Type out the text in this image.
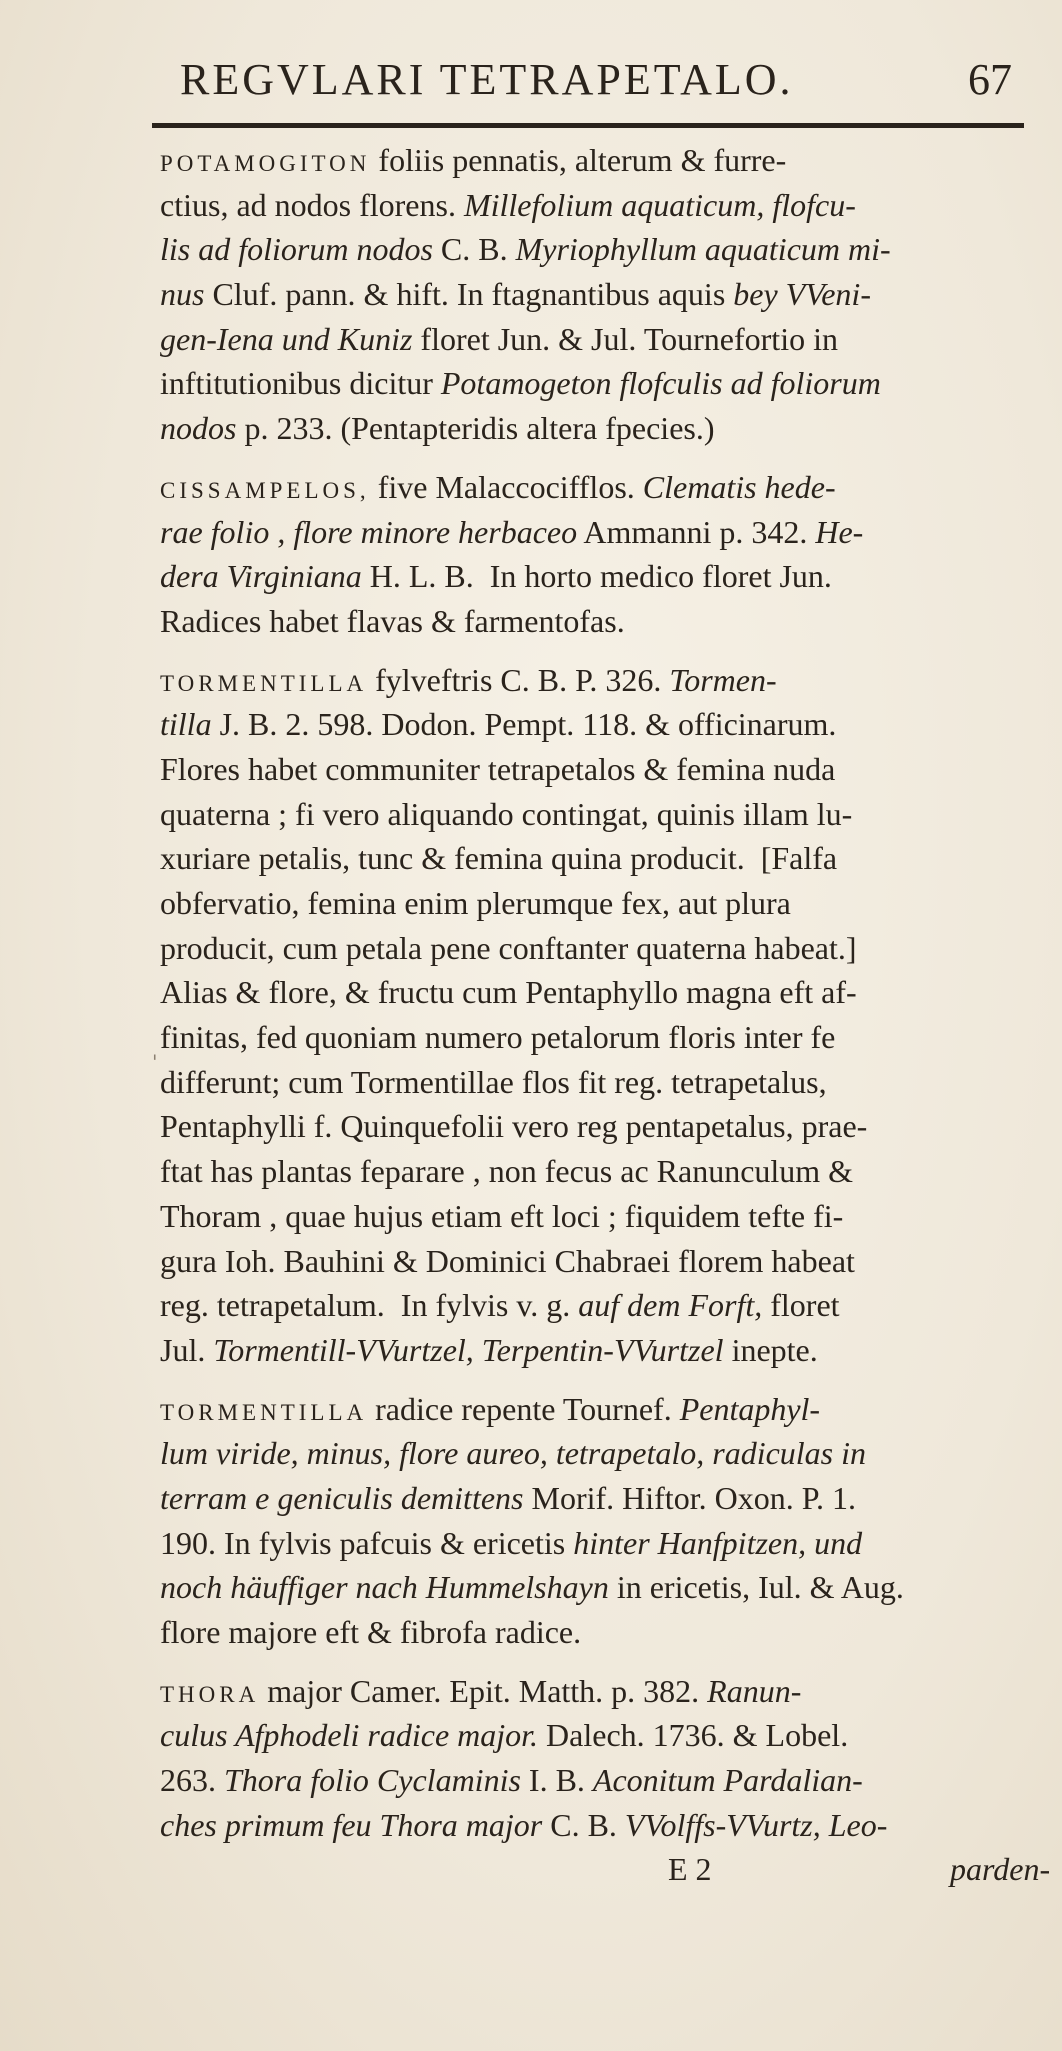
REGVLARI TETRAPETALO.	67
POTAMOGITON foliis pennatis, alterum & furre-
ctius, ad nodos florens. Millefolium aquaticum, flofcu-
lis ad foliorum nodos C. B. Myriophyllum aquaticum mi-
nus Cluf. pann. & hift. In ftagnantibus aquis bey VVeni-
gen-Iena und Kuniz floret Jun. & Jul. Tournefortio in
inftitutionibus dicitur Potamogeton flofculis ad foliorum
nodos p. 233. (Pentapteridis altera fpecies.)
CISSAMPELOS, five Malaccocifflos. Clematis hede-
rae folio , flore minore herbaceo Ammanni p. 342. He-
dera Virginiana H. L. B.  In horto medico floret Jun.
Radices habet flavas & farmentofas.
TORMENTILLA fylveftris C. B. P. 326. Tormen-
tilla J. B. 2. 598. Dodon. Pempt. 118. & officinarum.
Flores habet communiter tetrapetalos & femina nuda
quaterna ; fi vero aliquando contingat, quinis illam lu-
xuriare petalis, tunc & femina quina producit.  [Falfa
obfervatio, femina enim plerumque fex, aut plura
producit, cum petala pene conftanter quaterna habeat.]
Alias & flore, & fructu cum Pentaphyllo magna eft af-
finitas, fed quoniam numero petalorum floris inter fe
differunt; cum Tormentillae flos fit reg. tetrapetalus,
Pentaphylli f. Quinquefolii vero reg pentapetalus, prae-
ftat has plantas feparare , non fecus ac Ranunculum &
Thoram , quae hujus etiam eft loci ; fiquidem tefte fi-
gura Ioh. Bauhini & Dominici Chabraei florem habeat
reg. tetrapetalum.  In fylvis v. g. auf dem Forft, floret
Jul. Tormentill-VVurtzel, Terpentin-VVurtzel inepte.
TORMENTILLA radice repente Tournef. Pentaphyl-
lum viride, minus, flore aureo, tetrapetalo, radiculas in
terram e geniculis demittens Morif. Hiftor. Oxon. P. 1.
190. In fylvis pafcuis & ericetis hinter Hanfpitzen, und
noch häuffiger nach Hummelshayn in ericetis, Iul. & Aug.
flore majore eft & fibrofa radice.
THORA major Camer. Epit. Matth. p. 382. Ranun-
culus Afphodeli radice major. Dalech. 1736. & Lobel.
263. Thora folio Cyclaminis I. B. Aconitum Pardalian-
ches primum feu Thora major C. B. VVolffs-VVurtz, Leo-
E 2	parden-
'
